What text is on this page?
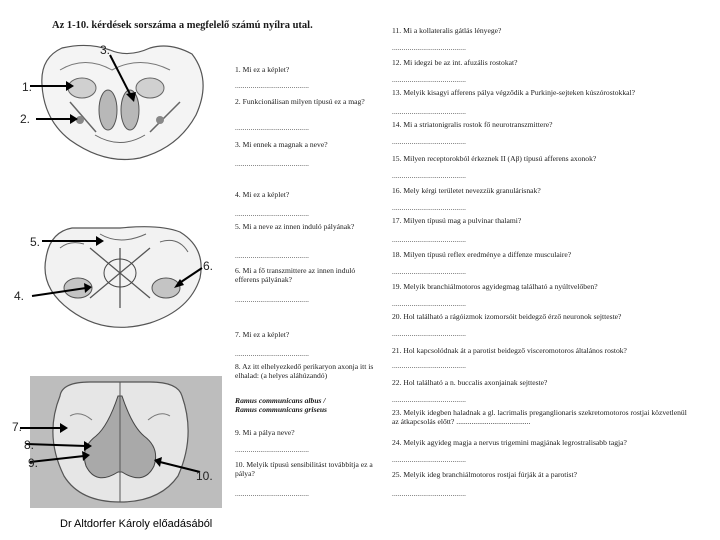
Az 1-10. kérdések sorszáma a megfelelő számú nyílra utal.
3.
1.
2.
5.
6.
4.
7.
8.
9.
10.
1. Mi ez a képlet?
......................................
2. Funkcionálisan milyen típusú ez a mag?
......................................
3. Mi ennek a magnak a neve?
......................................
4. Mi ez a képlet?
......................................
5. Mi a neve az innen induló pályának?
......................................
6. Mi a fő transzmittere az innen induló efferens pályának?
......................................
7. Mi ez a képlet?
......................................
8. Az itt elhelyezkedő perikaryon axonja itt is elhalad: (a helyes aláhúzandó)
Ramus communicans albus /
Ramus communicans griseus
9. Mi a pálya neve?
......................................
10. Melyik típusú sensibilitást továbbítja ez a pálya?
......................................
11. Mi a kollateralis gátlás lényege?
......................................
12. Mi idegzi be az int. afuzális rostokat?
......................................
13. Melyik kisagyi afferens pálya végződik a Purkinje-sejteken kúszórostokkal?
......................................
14. Mi a striatonigralis rostok fő neurotranszmittere?
......................................
15. Milyen receptorokból érkeznek II (Aβ) típusú afferens axonok?
......................................
16. Mely kérgi területet nevezzük granulárisnak?
......................................
17. Milyen típusú mag a pulvinar thalami?
......................................
18. Milyen típusú reflex eredménye a diffenze musculaire?
......................................
19. Melyik branchiálmotoros agyidegmag található a nyúltvelőben?
......................................
20. Hol található a rágóizmok izomorsóit beidegző érző neuronok sejtteste?
......................................
21. Hol kapcsolódnak át a parotist beidegző visceromotoros általános rostok?
......................................
22. Hol található a n. buccalis axonjainak sejtteste?
......................................
23. Melyik idegben haladnak a gl. lacrimalis preganglionaris szekretomotoros rostjai közvetlenül az átkapcsolás előtt? .......................................
24. Melyik agyideg magja a nervus trigemini magjának legrostralisabb tagja?
......................................
25. Melyik ideg branchiálmotoros rostjai fúrják át a parotist?
......................................
Dr Altdorfer Károly előadásából
